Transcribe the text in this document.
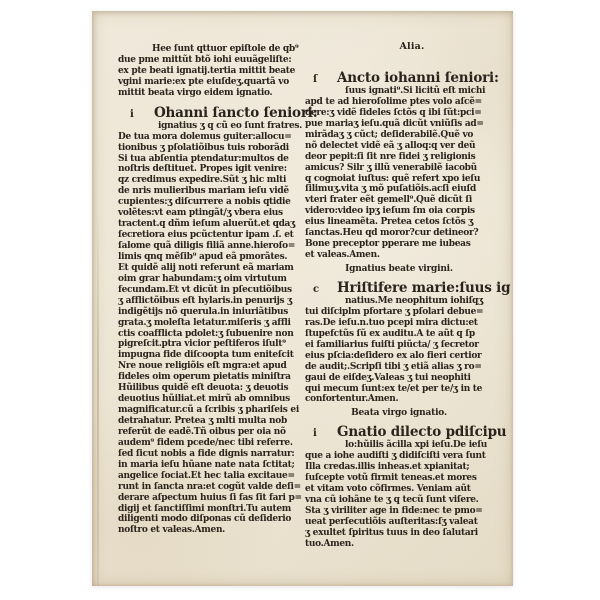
Hee ſunt qttuor epiſtole de qb⁹
due pme mittũt btõ iohi euuãgeliſte:
ex pte beati ignatij.tertia mittit beate
vgini marie:ex pte eiuſdeʒ.quartã vo
mittit beata virgo eidem ignatio.
i	Ohanni ſancto ſeniori:
ignatius ʒ q cũ eo ſunt fratres.
De tua mora dolemus guiter:allocu=
tionibus ʒ pſolatiõibus tuis roborãdi
Si tua abſentia ptendatur:multos de
noſtris deſtituet. Propes igit venire:
qz credimus expedire.Sũt ʒ hic mlti
de nris mulieribus mariam ieſu vidẽ
cupientes:ʒ diſcurrere a nobis qtidie
volẽtes:vt eam ptingãt/ʒ vbera eius
tractent.q dñm ieſum aluerũt.et qdaʒ
ſecretiora eius pcũctentur ipam .ſ. et
ſalome quã diligis filiã anne.hieroſo=
limis qnq mẽſib⁹ apud eã pmorãtes.
Et quidẽ alij noti referunt eã mariam
oim grar habundam:ʒ oim virtutum
fecundam.Et vt dicũt in pſecutiõibus
ʒ afflictõibus eſt hylaris.in penurijs ʒ
indigẽtijs nõ querula.in iniuriãtibus
grata.ʒ moleſta letatur.miſeris ʒ affli
ctis coafflicta pdolet:ʒ ſubuenire non
pigreſcit.ptra vicior peſtiferos iſult⁹
impugna fide diſcoopta tum eniteſcit
Nre noue religiõis eſt mgra:et apud
fideles oim operum pietatis miniſtra
Hũilibus quidẽ eſt deuota: ʒ deuotis
deuotius hũiliat.et mirũ ab omnibus
magnificatur.cũ a ſcribis ʒ phariſeis ei
detrahatur. Pretea ʒ mlti multa nob
referũt de eadẽ.Tñ oibus per oia nõ
audem⁹ fidem pcede/nec tibi referre.
ſed ſicut nobis a fide dignis narratur:
in maria ieſu hũane nate nata ſctitat;
angelice ſociat.Et hec talia excitaue=
runt in ſancta nra:et cogũt valde deſi=
derare aſpectum huius ſi fas ſit fari p=
digij et ſanctiſſimi monſtri.Tu autem
diligenti modo diſponas cũ deſiderio
noſtro et valeas.Amen.
Alia.
ſ	Ancto iohanni ſeniori:
ſuus ignati⁹.Si licitũ eſt michi
apd te ad hieroſolime ptes volo aſcẽ=
dere:ʒ vidẽ fideles ſctõs q ibi ſũt:pci=
pue mariaʒ ieſu.quã dicũt vniũſis ad=
mirãdaʒ ʒ cũct; deſiderabilẽ.Quẽ vo
nõ delectet vidẽ eã ʒ alloq:q ver deũ
deor pepit:ſi ſit nre fidei ʒ religionis
amicus? Silr ʒ illũ venerabilẽ iacobũ
q cognoiat iuſtus: quẽ refert xpo ieſu
ſilimuʒ.vita ʒ mõ puſatiõis.acſi eiuſd
vteri frater eẽt gemell⁹.Quẽ dicũt ſi
videro:video ipʒ ieſum ſm oia corpis
eius lineamẽta. Pretea cetos ſctõs ʒ
ſanctas.Heu qd moror?cur detineor?
Bone preceptor pperare me iubeas
et valeas.Amen.
Ignatius beate virgini.
c	Hriſtifere marie:ſuus ig
natius.Me neophitum iohiſqʒ
tui diſciplm pfortare ʒ pſolari debue=
ras.De ieſu.n.tuo pcepi mira dictu:et
ſtupefctũs ſũ ex auditu.A te aũt q ſp
ei familiarius fuiſti piũcta/ ʒ ſecretor
eius pſcia:deſidero ex alo fieri certior
de audit;.Scripſi tibi ʒ etiã alias ʒ ro=
gaui de eiſdeʒ.Valeas ʒ tui neophiti
qui mecum ſunt:ex te/et per te/ʒ in te
confortentur.Amen.
Beata virgo ignatio.
i	Gnatio dilecto pdiſcipu
lo:hũilis ãcilla xpi ieſu.De ieſu
que a iohe audiſti ʒ didiſciſti vera ſunt
Illa credas.illis inheas.et xpianitat;
ſuſcepte votũ firmit teneas.et mores
et vitam voto cõfirmes. Veniam aũt
vna cũ iohãne te ʒ q tecũ ſunt viſere.
Sta ʒ viriliter age in fide:nec te pmo=
ueat perſecutiõis auſteritas:ſʒ valeat
ʒ exultet ſpiritus tuus in deo ſalutari
tuo.Amen.
